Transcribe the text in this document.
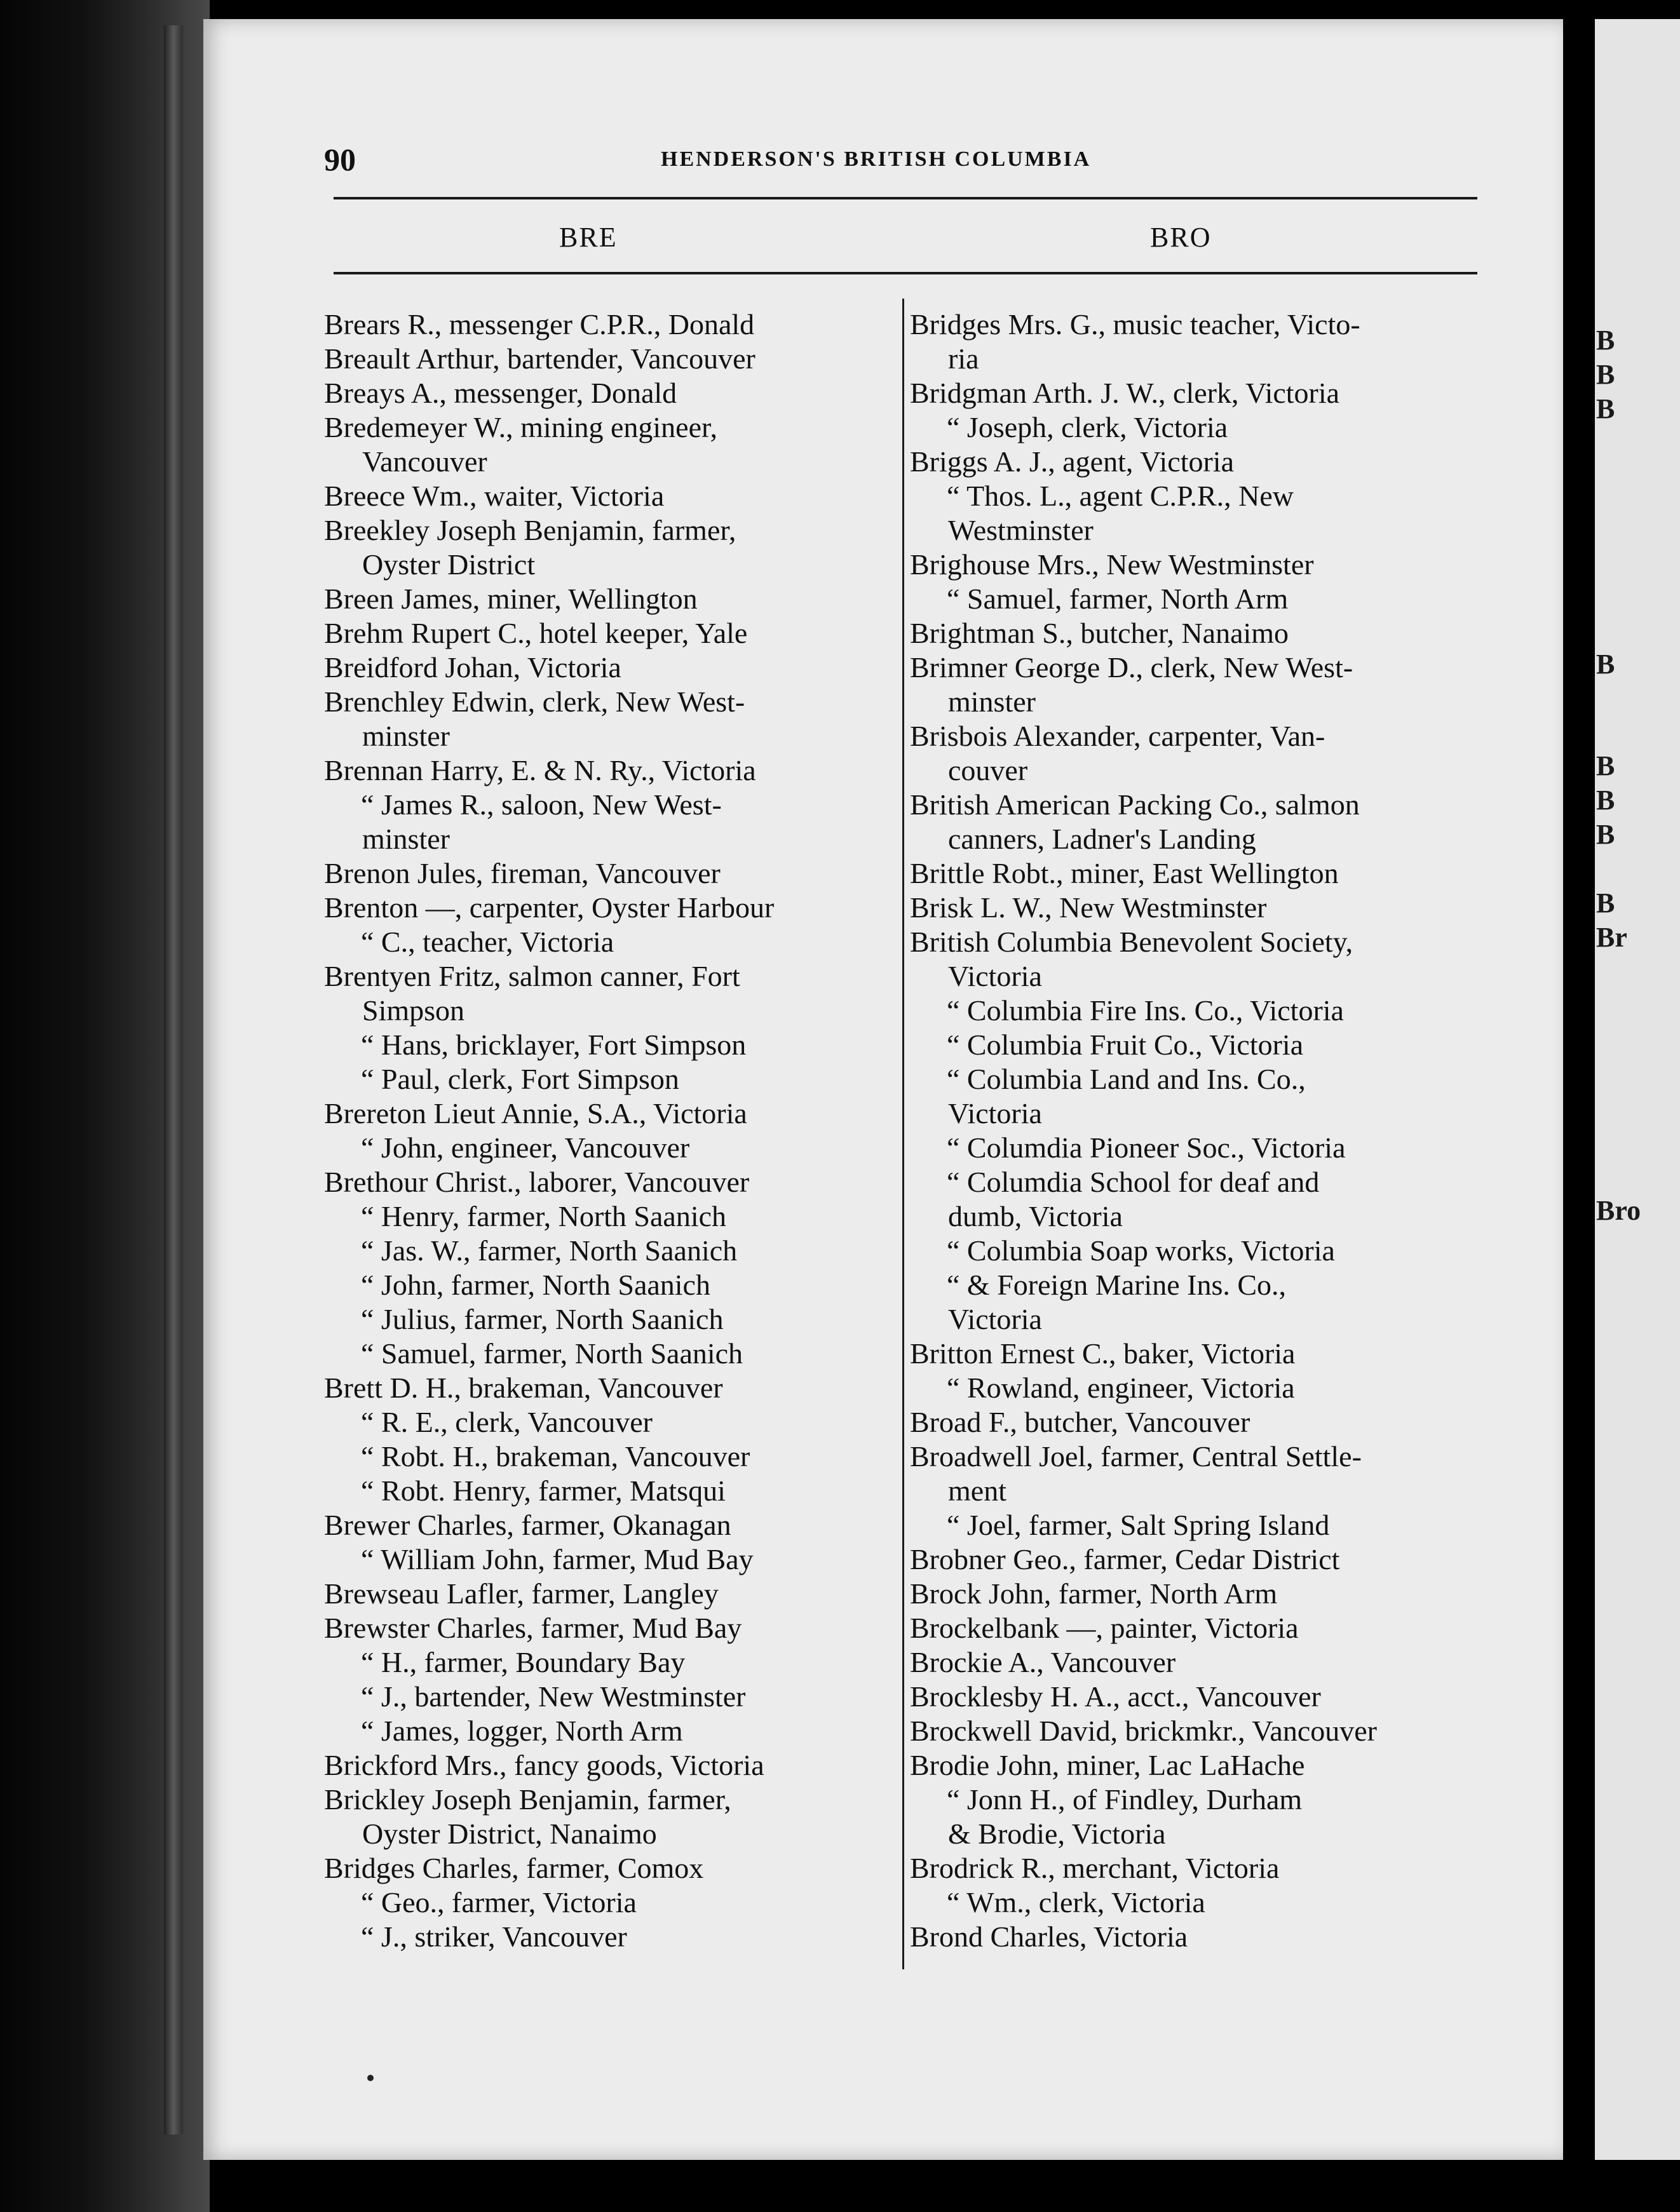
B
B
B
B
B
B
B
B
Br
Bro
90	HENDERSON'S BRITISH COLUMBIA
BRE	BRO
Brears R., messenger C.P.R., Donald
Breault Arthur, bartender, Vancouver
Breays A., messenger, Donald
Bredemeyer W., mining engineer,
Vancouver
Breece Wm., waiter, Victoria
Breekley Joseph Benjamin, farmer,
Oyster District
Breen James, miner, Wellington
Brehm Rupert C., hotel keeper, Yale
Breidford Johan, Victoria
Brenchley Edwin, clerk, New West-
minster
Brennan Harry, E. & N. Ry., Victoria
“ James R., saloon, New West-
minster
Brenon Jules, fireman, Vancouver
Brenton —, carpenter, Oyster Harbour
“ C., teacher, Victoria
Brentyen Fritz, salmon canner, Fort
Simpson
“ Hans, bricklayer, Fort Simpson
“ Paul, clerk, Fort Simpson
Brereton Lieut Annie, S.A., Victoria
“ John, engineer, Vancouver
Brethour Christ., laborer, Vancouver
“ Henry, farmer, North Saanich
“ Jas. W., farmer, North Saanich
“ John, farmer, North Saanich
“ Julius, farmer, North Saanich
“ Samuel, farmer, North Saanich
Brett D. H., brakeman, Vancouver
“ R. E., clerk, Vancouver
“ Robt. H., brakeman, Vancouver
“ Robt. Henry, farmer, Matsqui
Brewer Charles, farmer, Okanagan
“ William John, farmer, Mud Bay
Brewseau Lafler, farmer, Langley
Brewster Charles, farmer, Mud Bay
“ H., farmer, Boundary Bay
“ J., bartender, New Westminster
“ James, logger, North Arm
Brickford Mrs., fancy goods, Victoria
Brickley Joseph Benjamin, farmer,
Oyster District, Nanaimo
Bridges Charles, farmer, Comox
“ Geo., farmer, Victoria
“ J., striker, Vancouver
Bridges Mrs. G., music teacher, Victo-
ria
Bridgman Arth. J. W., clerk, Victoria
“ Joseph, clerk, Victoria
Briggs A. J., agent, Victoria
“ Thos. L., agent C.P.R., New
Westminster
Brighouse Mrs., New Westminster
“ Samuel, farmer, North Arm
Brightman S., butcher, Nanaimo
Brimner George D., clerk, New West-
minster
Brisbois Alexander, carpenter, Van-
couver
British American Packing Co., salmon
canners, Ladner's Landing
Brittle Robt., miner, East Wellington
Brisk L. W., New Westminster
British Columbia Benevolent Society,
Victoria
“ Columbia Fire Ins. Co., Victoria
“ Columbia Fruit Co., Victoria
“ Columbia Land and Ins. Co.,
Victoria
“ Columdia Pioneer Soc., Victoria
“ Columdia School for deaf and
dumb, Victoria
“ Columbia Soap works, Victoria
“ & Foreign Marine Ins. Co.,
Victoria
Britton Ernest C., baker, Victoria
“ Rowland, engineer, Victoria
Broad F., butcher, Vancouver
Broadwell Joel, farmer, Central Settle-
ment
“ Joel, farmer, Salt Spring Island
Brobner Geo., farmer, Cedar District
Brock John, farmer, North Arm
Brockelbank —, painter, Victoria
Brockie A., Vancouver
Brocklesby H. A., acct., Vancouver
Brockwell David, brickmkr., Vancouver
Brodie John, miner, Lac LaHache
“ Jonn H., of Findley, Durham
& Brodie, Victoria
Brodrick R., merchant, Victoria
“ Wm., clerk, Victoria
Brond Charles, Victoria
